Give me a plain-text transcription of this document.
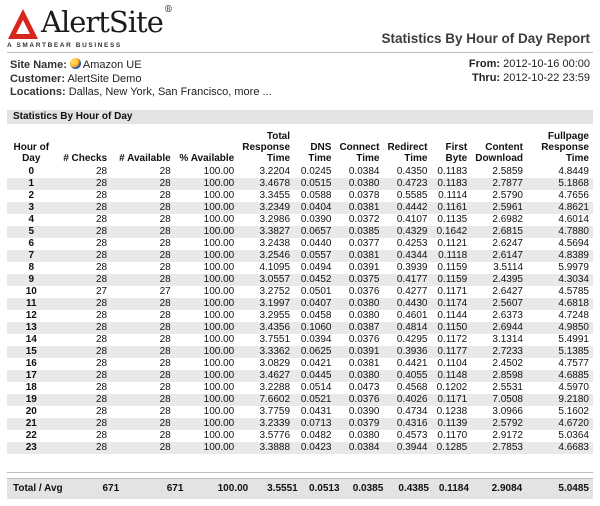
AlertSite®
A SMARTBEAR BUSINESS	Statistics By Hour of Day Report
Site Name: Amazon UE
Customer: AlertSite Demo
Locations: Dallas, New York, San Francisco, more ...
From: 2012-10-16 00:00
Thru: 2012-10-22 23:59
Statistics By Hour of Day
Hour of Day	# Checks	# Available	% Available	Total Response Time	DNS Time	Connect Time	Redirect Time	First Byte	Content Download	Fullpage Response Time
0	28	28	100.00	3.2204	0.0245	0.0384	0.4350	0.1183	2.5859	4.8449
1	28	28	100.00	3.4678	0.0515	0.0380	0.4723	0.1183	2.7877	5.1868
2	28	28	100.00	3.3455	0.0588	0.0378	0.5585	0.1114	2.5790	4.7656
3	28	28	100.00	3.2349	0.0404	0.0381	0.4442	0.1161	2.5961	4.8621
4	28	28	100.00	3.2986	0.0390	0.0372	0.4107	0.1135	2.6982	4.6014
5	28	28	100.00	3.3827	0.0657	0.0385	0.4329	0.1642	2.6815	4.7880
6	28	28	100.00	3.2438	0.0440	0.0377	0.4253	0.1121	2.6247	4.5694
7	28	28	100.00	3.2546	0.0557	0.0381	0.4344	0.1118	2.6147	4.8389
8	28	28	100.00	4.1095	0.0494	0.0391	0.3939	0.1159	3.5114	5.9979
9	28	28	100.00	3.0557	0.0452	0.0375	0.4177	0.1159	2.4395	4.3034
10	27	27	100.00	3.2752	0.0501	0.0376	0.4277	0.1171	2.6427	4.5785
11	28	28	100.00	3.1997	0.0407	0.0380	0.4430	0.1174	2.5607	4.6818
12	28	28	100.00	3.2955	0.0458	0.0380	0.4601	0.1144	2.6373	4.7248
13	28	28	100.00	3.4356	0.1060	0.0387	0.4814	0.1150	2.6944	4.9850
14	28	28	100.00	3.7551	0.0394	0.0376	0.4295	0.1172	3.1314	5.4991
15	28	28	100.00	3.3362	0.0625	0.0391	0.3936	0.1177	2.7233	5.1385
16	28	28	100.00	3.0829	0.0421	0.0381	0.4421	0.1104	2.4502	4.7577
17	28	28	100.00	3.4627	0.0445	0.0380	0.4055	0.1148	2.8598	4.6885
18	28	28	100.00	3.2288	0.0514	0.0473	0.4568	0.1202	2.5531	4.5970
19	28	28	100.00	7.6602	0.0521	0.0376	0.4026	0.1171	7.0508	9.2180
20	28	28	100.00	3.7759	0.0431	0.0390	0.4734	0.1238	3.0966	5.1602
21	28	28	100.00	3.2339	0.0713	0.0379	0.4316	0.1139	2.5792	4.6720
22	28	28	100.00	3.5776	0.0482	0.0380	0.4573	0.1170	2.9172	5.0364
23	28	28	100.00	3.3888	0.0423	0.0384	0.3944	0.1285	2.7853	4.6683
Total / Avg	671	671	100.00	3.5551	0.0513	0.0385	0.4385	0.1184	2.9084	5.0485
